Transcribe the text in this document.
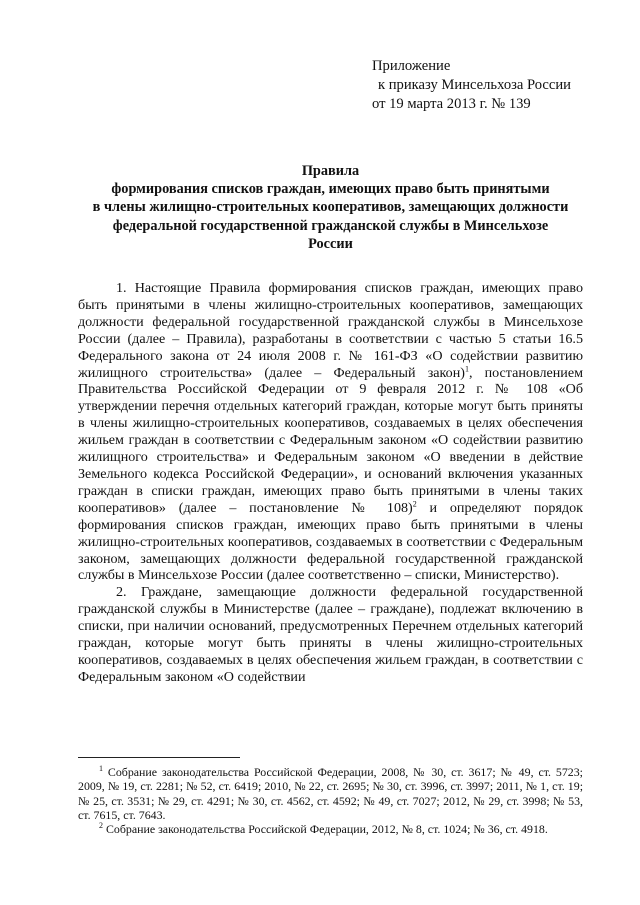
Приложение
к приказу Минсельхоза России
от 19 марта 2013 г. № 139
Правила
формирования списков граждан, имеющих право быть принятыми
в члены жилищно-строительных кооперативов, замещающих должности
федеральной государственной гражданской службы в Минсельхозе
России

1. Настоящие Правила формирования списков граждан, имеющих право быть принятыми в члены жилищно-строительных кооперативов, замещающих должности федеральной государственной гражданской службы в Минсельхозе России (далее – Правила), разработаны в соответствии с частью 5 статьи 16.5 Федерального закона от 24 июля 2008 г. № 161-ФЗ «О содействии развитию жилищного строительства» (далее – Федеральный закон)$^1$, постановлением Правительства Российской Федерации от 9 февраля 2012 г. № 108 «Об утверждении перечня отдельных категорий граждан, которые могут быть приняты в члены жилищно-строительных кооперативов, создаваемых в целях обеспечения жильем граждан в соответствии с Федеральным законом «О содействии развитию жилищного строительства» и Федеральным законом «О введении в действие Земельного кодекса Российской Федерации», и оснований включения указанных граждан в списки граждан, имеющих право быть принятыми в члены таких кооперативов» (далее – постановление № 108)$^2$ и определяют порядок формирования списков граждан, имеющих право быть принятыми в члены жилищно-строительных кооперативов, создаваемых в соответствии с Федеральным законом, замещающих должности федеральной государственной гражданской службы в Минсельхозе России (далее соответственно – списки, Министерство).

2. Граждане, замещающие должности федеральной государственной гражданской службы в Министерстве (далее – граждане), подлежат включению в списки, при наличии оснований, предусмотренных Перечнем отдельных категорий граждан, которые могут быть приняты в члены жилищно-строительных кооперативов, создаваемых в целях обеспечения жильем граждан, в соответствии с Федеральным законом «О содействии

$^1$ Собрание законодательства Российской Федерации, 2008, № 30, ст. 3617; № 49, ст. 5723; 2009, № 19, ст. 2281; № 52, ст. 6419; 2010, № 22, ст. 2695; № 30, ст. 3996, ст. 3997; 2011, № 1, ст. 19; № 25, ст. 3531; № 29, ст. 4291; № 30, ст. 4562, ст. 4592; № 49, ст. 7027; 2012, № 29, ст. 3998; № 53, ст. 7615, ст. 7643.

$^2$ Собрание законодательства Российской Федерации, 2012, № 8, ст. 1024; № 36, ст. 4918.
